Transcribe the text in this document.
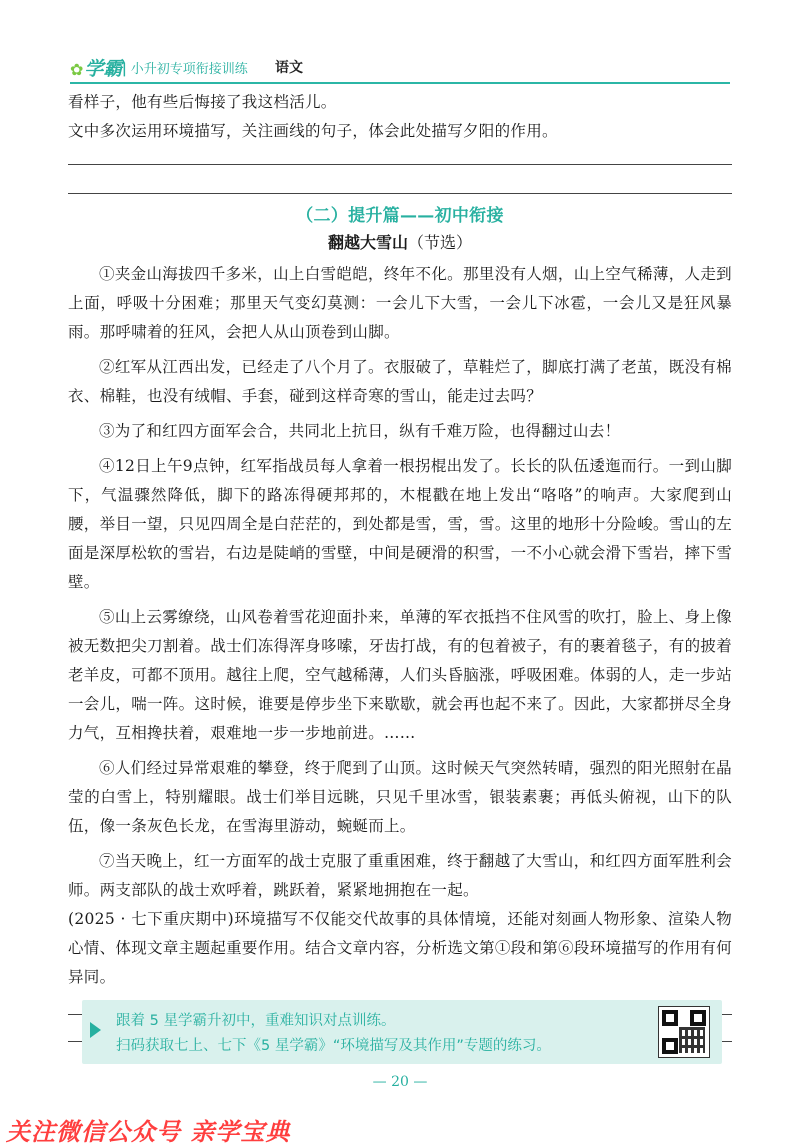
✿学霸
| 小升初专项衔接训练 语文

看样子，他有些后悔接了我这档活儿。

文中多次运用环境描写，关注画线的句子，体会此处描写夕阳的作用。

（二）提升篇——初中衔接

翻越大雪山（节选）

①夹金山海拔四千多米，山上白雪皑皑，终年不化。那里没有人烟，山上空气稀薄，人走到上面，呼吸十分困难；那里天气变幻莫测：一会儿下大雪，一会儿下冰雹，一会儿又是狂风暴雨。那呼啸着的狂风，会把人从山顶卷到山脚。

②红军从江西出发，已经走了八个月了。衣服破了，草鞋烂了，脚底打满了老茧，既没有棉衣、棉鞋，也没有绒帽、手套，碰到这样奇寒的雪山，能走过去吗？

③为了和红四方面军会合，共同北上抗日，纵有千难万险，也得翻过山去！

④12日上午9点钟，红军指战员每人拿着一根拐棍出发了。长长的队伍逶迤而行。一到山脚下，气温骤然降低，脚下的路冻得硬邦邦的，木棍戳在地上发出“咯咯”的响声。大家爬到山腰，举目一望，只见四周全是白茫茫的，到处都是雪，雪，雪。这里的地形十分险峻。雪山的左面是深厚松软的雪岩，右边是陡峭的雪壁，中间是硬滑的积雪，一不小心就会滑下雪岩，摔下雪壁。

⑤山上云雾缭绕，山风卷着雪花迎面扑来，单薄的军衣抵挡不住风雪的吹打，脸上、身上像被无数把尖刀割着。战士们冻得浑身哆嗦，牙齿打战，有的包着被子，有的裹着毯子，有的披着老羊皮，可都不顶用。越往上爬，空气越稀薄，人们头昏脑涨，呼吸困难。体弱的人，走一步站一会儿，喘一阵。这时候，谁要是停步坐下来歇歇，就会再也起不来了。因此，大家都拼尽全身力气，互相搀扶着，艰难地一步一步地前进。……

⑥人们经过异常艰难的攀登，终于爬到了山顶。这时候天气突然转晴，强烈的阳光照射在晶莹的白雪上，特别耀眼。战士们举目远眺，只见千里冰雪，银装素裹；再低头俯视，山下的队伍，像一条灰色长龙，在雪海里游动，蜿蜒而上。

⑦当天晚上，红一方面军的战士克服了重重困难，终于翻越了大雪山，和红四方面军胜利会师。两支部队的战士欢呼着，跳跃着，紧紧地拥抱在一起。

(2025 · 七下重庆期中)环境描写不仅能交代故事的具体情境，还能对刻画人物形象、渲染人物心情、体现文章主题起重要作用。结合文章内容，分析选文第①段和第⑥段环境描写的作用有何异同。

跟着 5 星学霸升初中，重难知识对点训练。
扫码获取七上、七下《5 星学霸》“环境描写及其作用”专题的练习。
— 20 —
关注微信公众号 亲学宝典
